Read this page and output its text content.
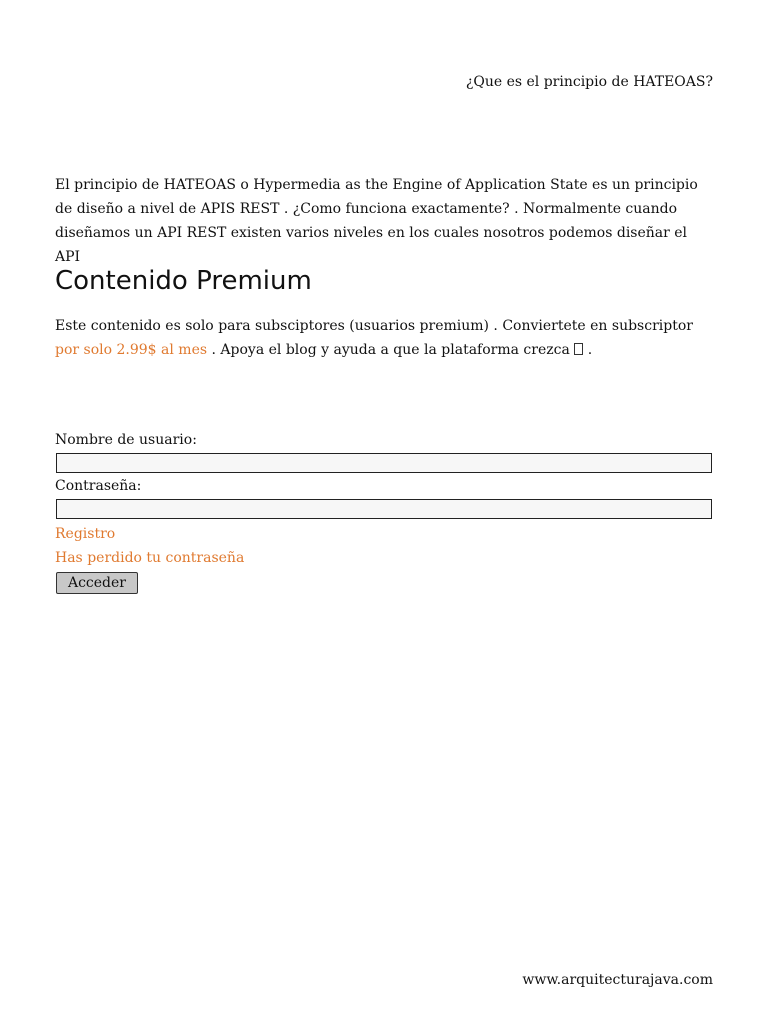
¿Que es el principio de HATEOAS?

El principio de HATEOAS o Hypermedia as the Engine of Application State es un principio de diseño a nivel de APIS REST . ¿Como funciona exactamente? . Normalmente cuando diseñamos un API REST existen varios niveles en los cuales nosotros podemos diseñar el API

Contenido Premium

Este contenido es solo para subsciptores (usuarios premium) . Conviertete en subscriptor por solo 2.99$ al mes . Apoya el blog y ayuda a que la plataforma crezca  .

Nombre de usuario:
Contraseña:
Registro
Has perdido tu contraseña
Acceder
www.arquitecturajava.com
